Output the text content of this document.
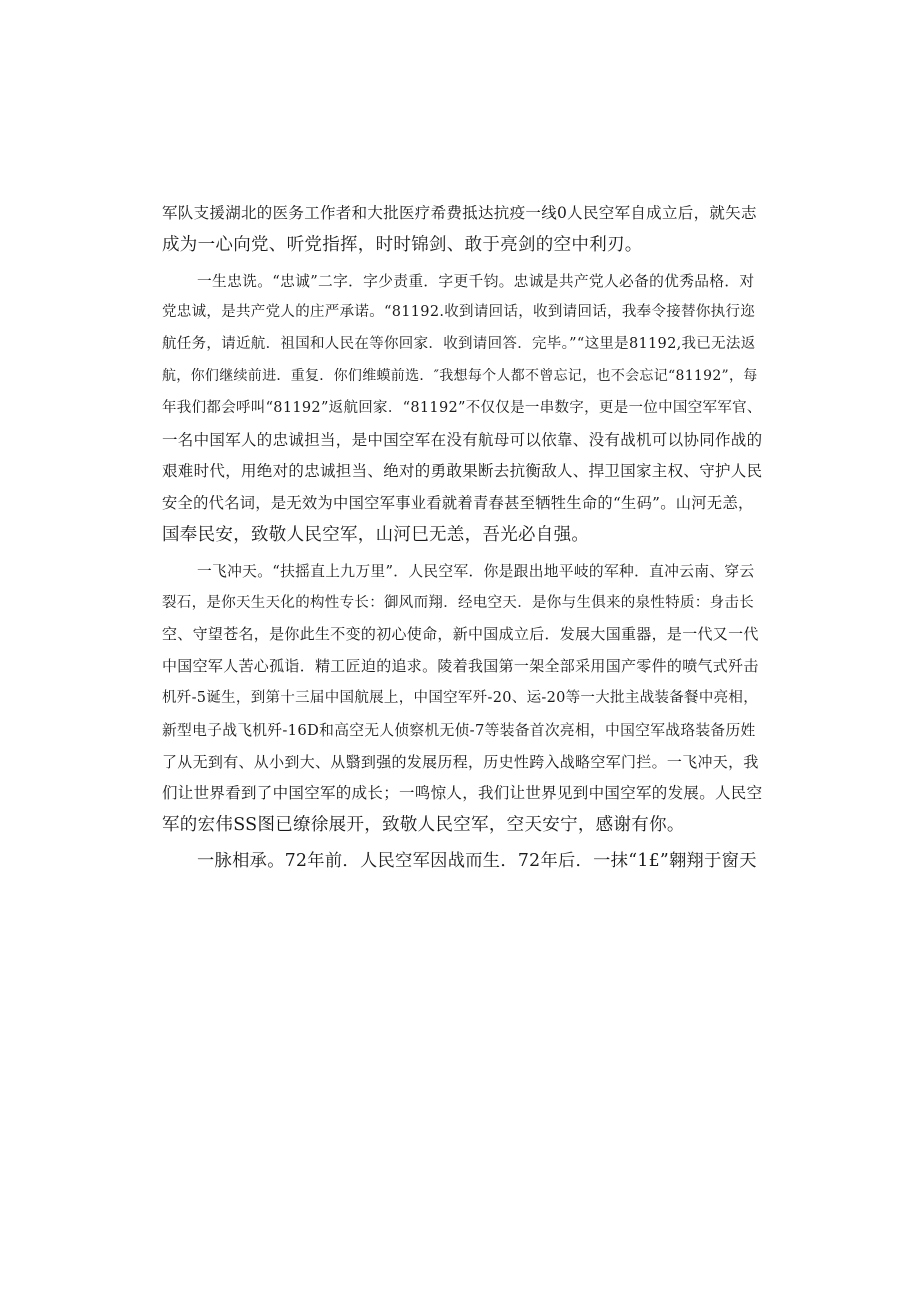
军队支援湖北的医务工作者和大批医疗希费抵达抗疫一线0人民空军自成立后，就矢志
成为一心向党、听党指挥，时时锦剑、敢于亮剑的空中利刃。
一生忠诜。“忠诚”二字．字少责重．字更千钧。忠诚是共产党人必备的优秀品格．对
党忠诚，是共产党人的庄严承诺。“81192.收到请回话，收到请回话，我奉令接替你执行迩
航任务，请近航．祖国和人民在等你回家．收到请回答．完毕。”“这里是81192,我已无法返
航，你们继续前进．重复．你们维蟆前选．″我想每个人都不曾忘记，也不会忘记“81192”，每
年我们都会呼叫“81192”返航回家．“81192”不仅仅是一串数字，更是一位中国空军军官、
一名中国军人的忠诚担当，是中国空军在没有航母可以依靠、没有战机可以协同作战的
艰难时代，用绝对的忠诚担当、绝对的勇敢果断去抗衡敌人、捍卫国家主权、守护人民
安全的代名词，是无效为中国空军事业看就着青春甚至牺牲生命的“生码”。山河无恙，
国奉民安，致敬人民空军，山河巳无恙，吾光必自强。
一飞冲天。“扶摇直上九万里”．人民空军．你是跟出地平岐的军种．直冲云南、穿云
裂石，是你天生天化的构性专长：御风而翔．经电空天．是你与生俱来的泉性特质：身击长
空、守望苍名，是你此生不变的初心使命，新中国成立后．发展大国重器，是一代又一代
中国空军人苦心孤诣．精工匠迫的追求。陵着我国第一架全部采用国产零件的喷气式歼击
机歼-5诞生，到第十三届中国航展上，中国空军歼-20、运-20等一大批主战装备餐中亮相，
新型电子战飞机歼-16D和高空无人侦察机无侦-7等装备首次亮相，中国空军战珞装备历姓
了从无到有、从小到大、从翳到强的发展历程，历史性跨入战略空军门拦。一飞冲天，我
们让世界看到了中国空军的成长；一鸣惊人，我们让世界见到中国空军的发展。人民空
军的宏伟SS图已缭徐展开，致敬人民空军，空天安宁，感谢有你。
一脉相承。72年前．人民空军因战而生．72年后．一抹“1£”翱翔于窗天
